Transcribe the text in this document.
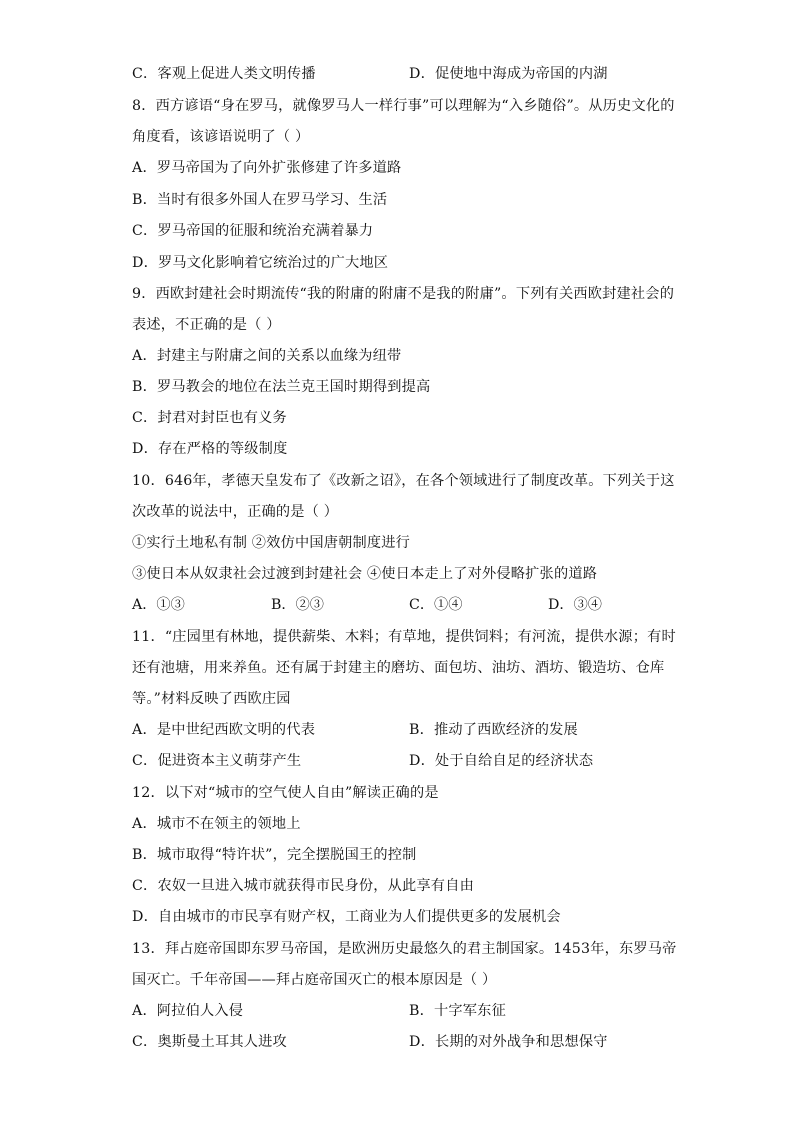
C．客观上促进人类文明传播	D．促使地中海成为帝国的内湖
8．西方谚语“身在罗马，就像罗马人一样行事”可以理解为“入乡随俗”。从历史文化的
角度看，该谚语说明了（ ）
A．罗马帝国为了向外扩张修建了许多道路
B．当时有很多外国人在罗马学习、生活
C．罗马帝国的征服和统治充满着暴力
D．罗马文化影响着它统治过的广大地区
9．西欧封建社会时期流传“我的附庸的附庸不是我的附庸”。下列有关西欧封建社会的
表述，不正确的是（ ）
A．封建主与附庸之间的关系以血缘为纽带
B．罗马教会的地位在法兰克王国时期得到提高
C．封君对封臣也有义务
D．存在严格的等级制度
10．646年，孝德天皇发布了《改新之诏》，在各个领域进行了制度改革。下列关于这
次改革的说法中，正确的是（ ）
①实行土地私有制 ②效仿中国唐朝制度进行
③使日本从奴隶社会过渡到封建社会 ④使日本走上了对外侵略扩张的道路
A．①③	B．②③	C．①④	D．③④
11．“庄园里有林地，提供薪柴、木料；有草地，提供饲料；有河流，提供水源；有时
还有池塘，用来养鱼。还有属于封建主的磨坊、面包坊、油坊、酒坊、锻造坊、仓库
等。”材料反映了西欧庄园
A．是中世纪西欧文明的代表	B．推动了西欧经济的发展
C．促进资本主义萌芽产生	D．处于自给自足的经济状态
12．以下对“城市的空气使人自由”解读正确的是
A．城市不在领主的领地上
B．城市取得“特许状”，完全摆脱国王的控制
C．农奴一旦进入城市就获得市民身份，从此享有自由
D．自由城市的市民享有财产权，工商业为人们提供更多的发展机会
13．拜占庭帝国即东罗马帝国，是欧洲历史最悠久的君主制国家。1453年，东罗马帝
国灭亡。千年帝国——拜占庭帝国灭亡的根本原因是（ ）
A．阿拉伯人入侵	B．十字军东征
C．奥斯曼土耳其人进攻	D．长期的对外战争和思想保守
